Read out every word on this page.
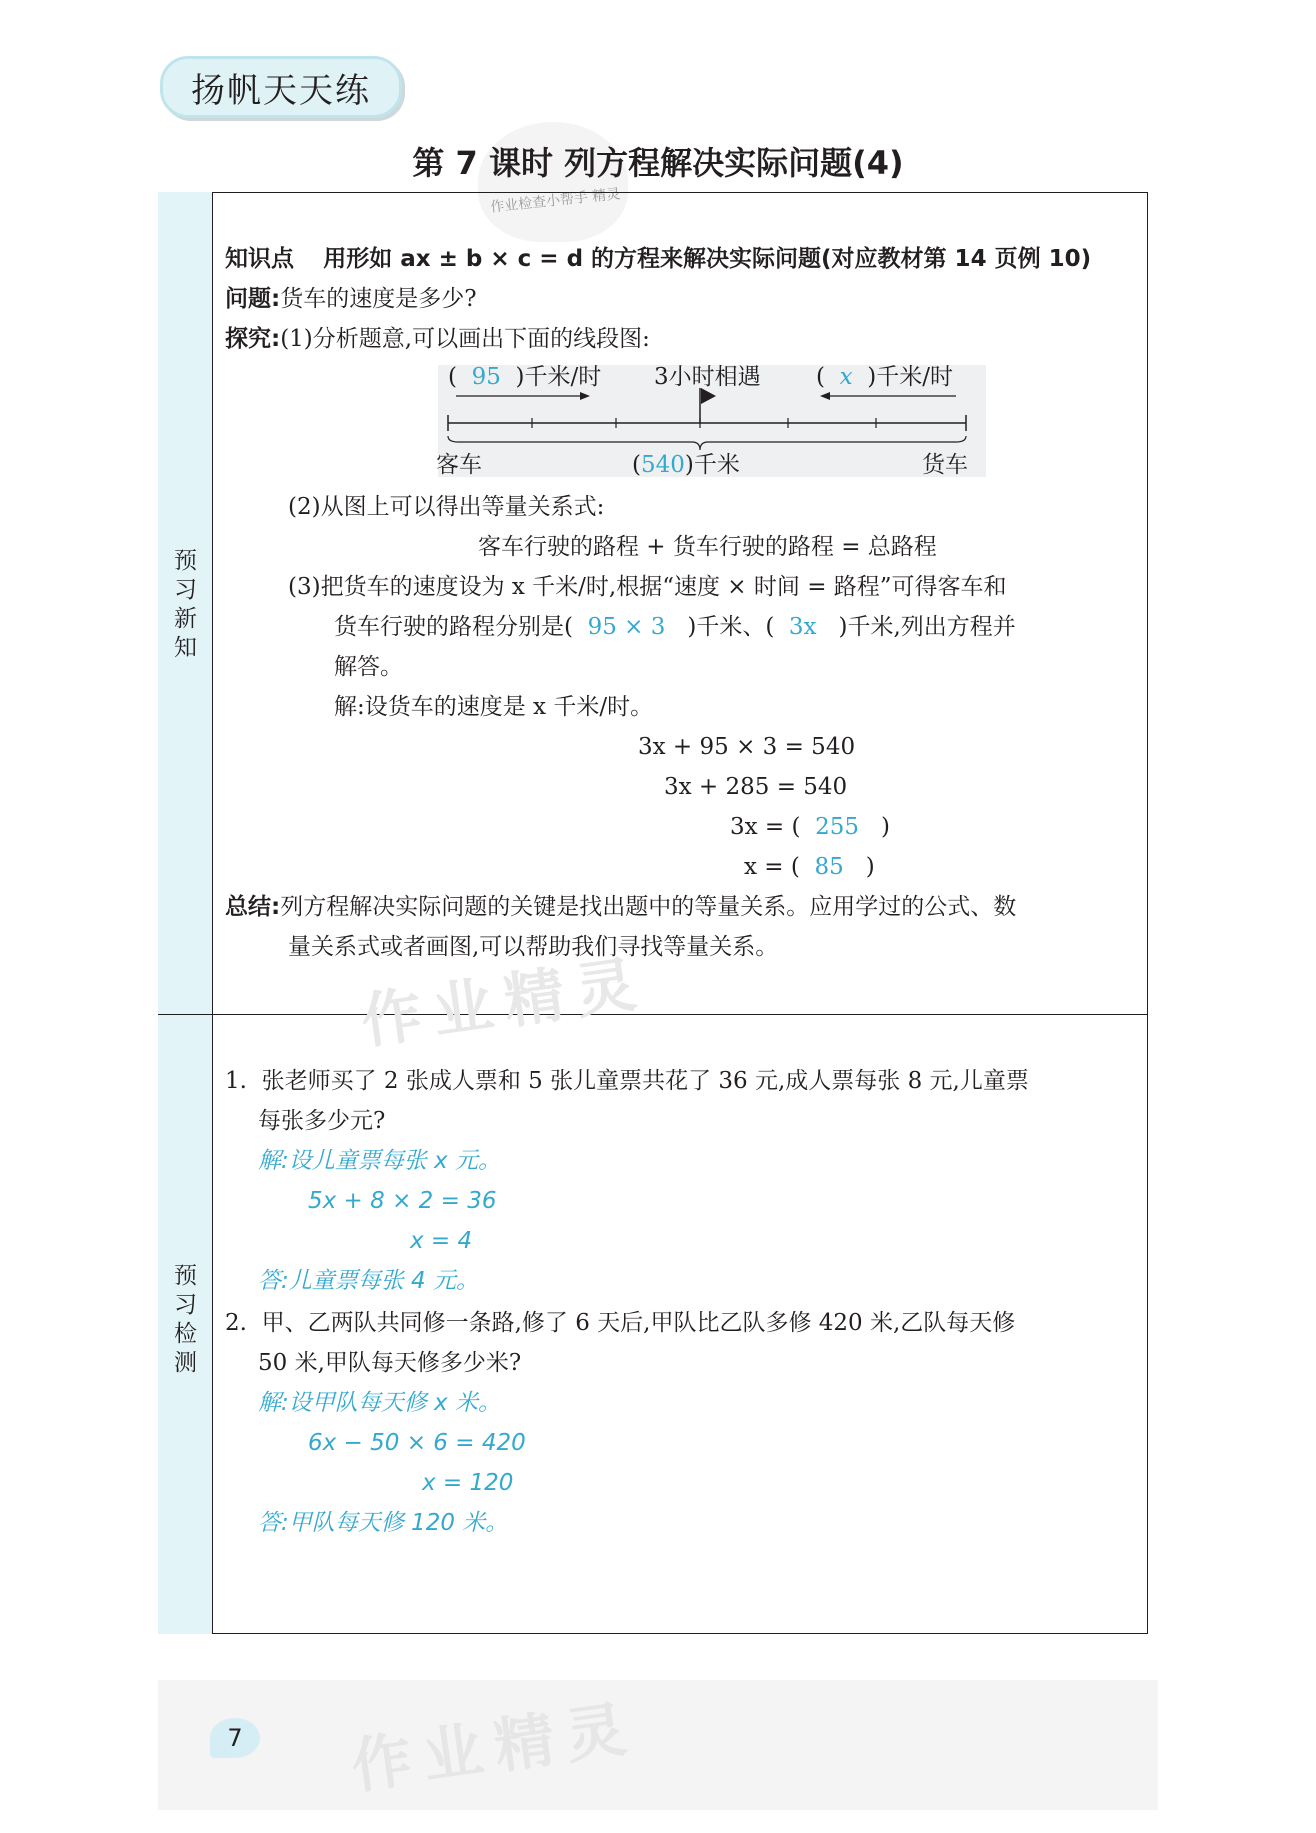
扬帆天天练
作业检查小帮手 精灵
第 7 课时 列方程解决实际问题(4)
预
习
新
知
预
习
检
测
知识点 用形如 ax ± b × c = d 的方程来解决实际问题(对应教材第 14 页例 10)
问题:货车的速度是多少?
探究:(1)分析题意,可以画出下面的线段图:
( 95 )千米/时 3小时相遇 ( x )千米/时
客车	(540)千米	货车
(2)从图上可以得出等量关系式:
客车行驶的路程 + 货车行驶的路程 = 总路程
(3)把货车的速度设为 x 千米/时,根据“速度 × 时间 = 路程”可得客车和
货车行驶的路程分别是( 95 × 3 )千米、( 3x )千米,列出方程并
解答。
解:设货车的速度是 x 千米/时。
3x + 95 × 3 = 540
3x + 285 = 540
3x = ( 255 )
x = ( 85 )
总结:列方程解决实际问题的关键是找出题中的等量关系。应用学过的公式、数
量关系式或者画图,可以帮助我们寻找等量关系。
作业精灵
1. 张老师买了 2 张成人票和 5 张儿童票共花了 36 元,成人票每张 8 元,儿童票
每张多少元?
解:设儿童票每张 x 元。
5x + 8 × 2 = 36
x = 4
答:儿童票每张 4 元。
2. 甲、乙两队共同修一条路,修了 6 天后,甲队比乙队多修 420 米,乙队每天修
50 米,甲队每天修多少米?
解:设甲队每天修 x 米。
6x − 50 × 6 = 420
x = 120
答:甲队每天修 120 米。
作业精灵
7
